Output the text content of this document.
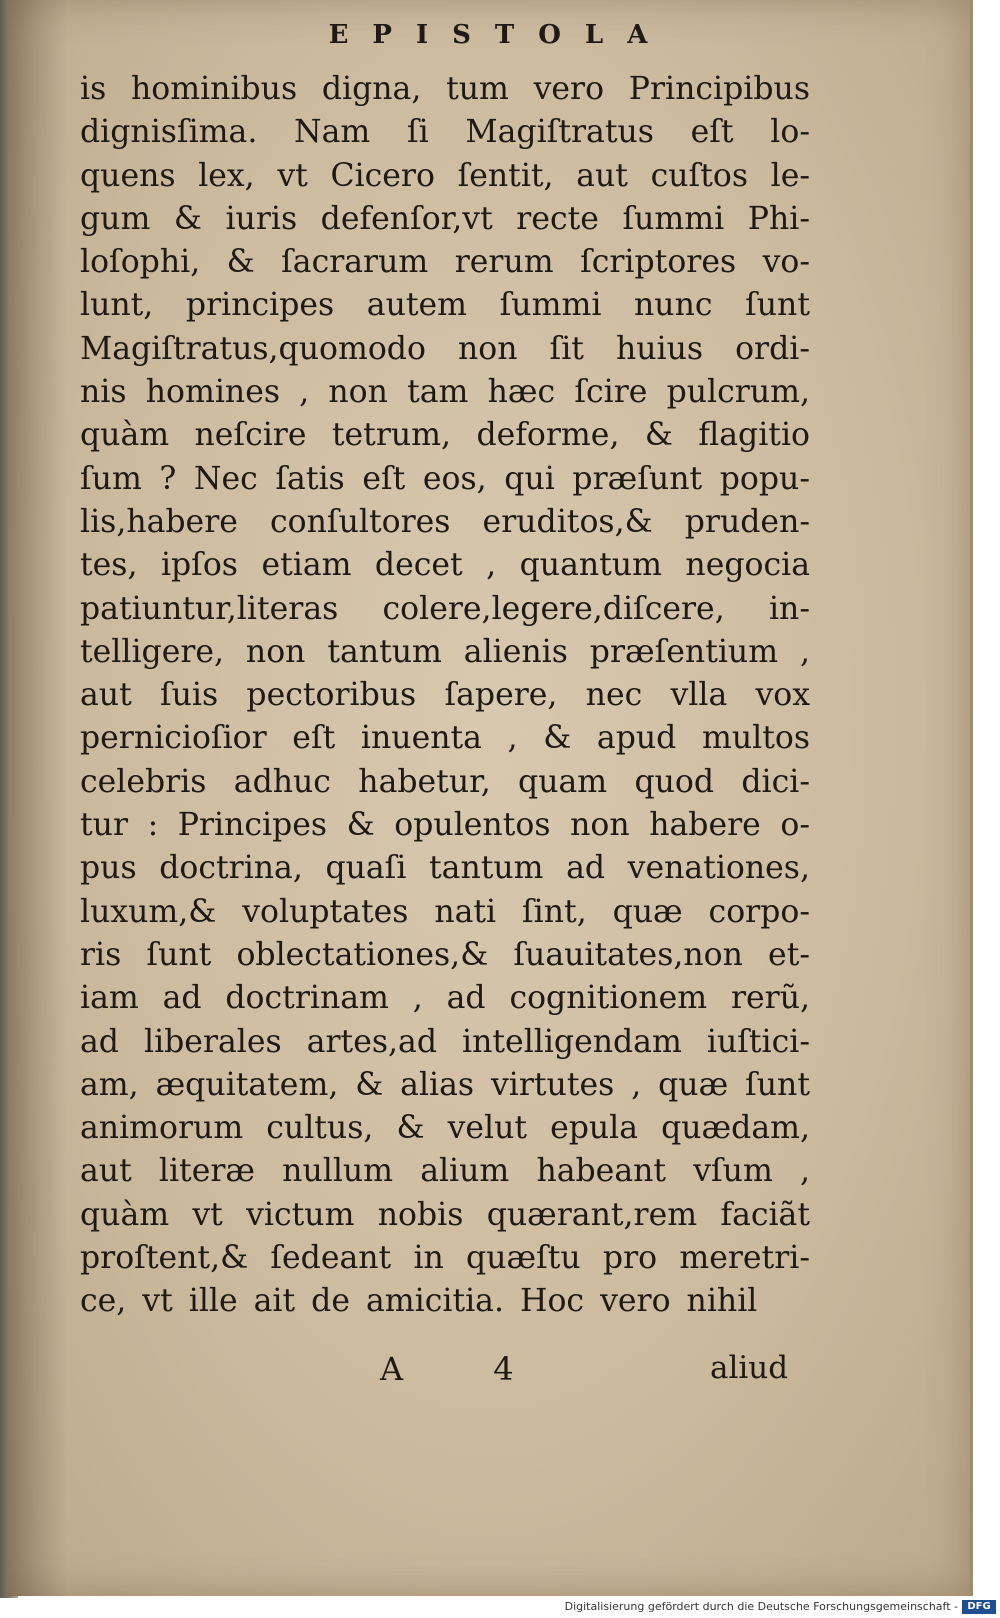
EPISTOLA
is hominibus digna, tum vero Principibus
dignisſima. Nam ſi Magiſtratus eſt lo-
quens lex, vt Cicero ſentit, aut cuſtos le-
gum & iuris defenſor,vt recte ſummi Phi-
loſophi, & ſacrarum rerum ſcriptores vo-
lunt, principes autem ſummi nunc ſunt
Magiſtratus,quomodo non ſit huius ordi-
nis homines , non tam hæc ſcire pulcrum,
quàm neſcire tetrum, deforme, & flagitio
ſum ? Nec ſatis eſt eos, qui præſunt popu-
lis,habere conſultores eruditos,& pruden-
tes, ipſos etiam decet , quantum negocia
patiuntur,literas colere,legere,diſcere, in-
telligere, non tantum alienis præſentium ,
aut ſuis pectoribus ſapere, nec vlla vox
pernicioſior eſt inuenta , & apud multos
celebris adhuc habetur, quam quod dici-
tur : Principes & opulentos non habere o-
pus doctrina, quaſi tantum ad venationes,
luxum,& voluptates nati ſint, quæ corpo-
ris ſunt oblectationes,& ſuauitates,non et-
iam ad doctrinam , ad cognitionem rerũ,
ad liberales artes,ad intelligendam iuſtici-
am, æquitatem, & alias virtutes , quæ ſunt
animorum cultus, & velut epula quædam,
aut literæ nullum alium habeant vſum ,
quàm vt victum nobis quærant,rem faciãt
proſtent,& ſedeant in quæſtu pro meretri-
ce, vt ille ait de amicitia. Hoc vero nihil
A 4	aliud
Digitalisierung gefördert durch die Deutsche Forschungsgemeinschaft - DFG
